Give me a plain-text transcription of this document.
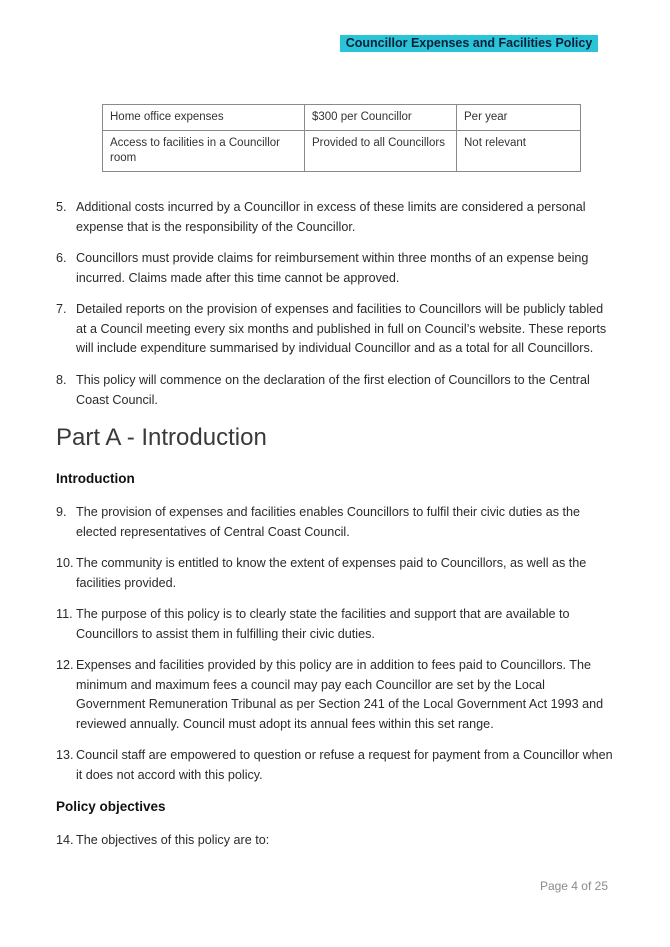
Councillor Expenses and Facilities Policy
Home office expenses	$300 per Councillor	Per year
Access to facilities in a Councillor room	Provided to all Councillors	Not relevant
5. Additional costs incurred by a Councillor in excess of these limits are considered a personal expense that is the responsibility of the Councillor.
6. Councillors must provide claims for reimbursement within three months of an expense being incurred. Claims made after this time cannot be approved.
7. Detailed reports on the provision of expenses and facilities to Councillors will be publicly tabled at a Council meeting every six months and published in full on Council’s website. These reports will include expenditure summarised by individual Councillor and as a total for all Councillors.
8. This policy will commence on the declaration of the first election of Councillors to the Central Coast Council.
Part A - Introduction
Introduction
9. The provision of expenses and facilities enables Councillors to fulfil their civic duties as the elected representatives of Central Coast Council.
10. The community is entitled to know the extent of expenses paid to Councillors, as well as the facilities provided.
11. The purpose of this policy is to clearly state the facilities and support that are available to Councillors to assist them in fulfilling their civic duties.
12. Expenses and facilities provided by this policy are in addition to fees paid to Councillors. The minimum and maximum fees a council may pay each Councillor are set by the Local Government Remuneration Tribunal as per Section 241 of the Local Government Act 1993 and reviewed annually. Council must adopt its annual fees within this set range.
13. Council staff are empowered to question or refuse a request for payment from a Councillor when it does not accord with this policy.
Policy objectives
14. The objectives of this policy are to:
Page 4 of 25
